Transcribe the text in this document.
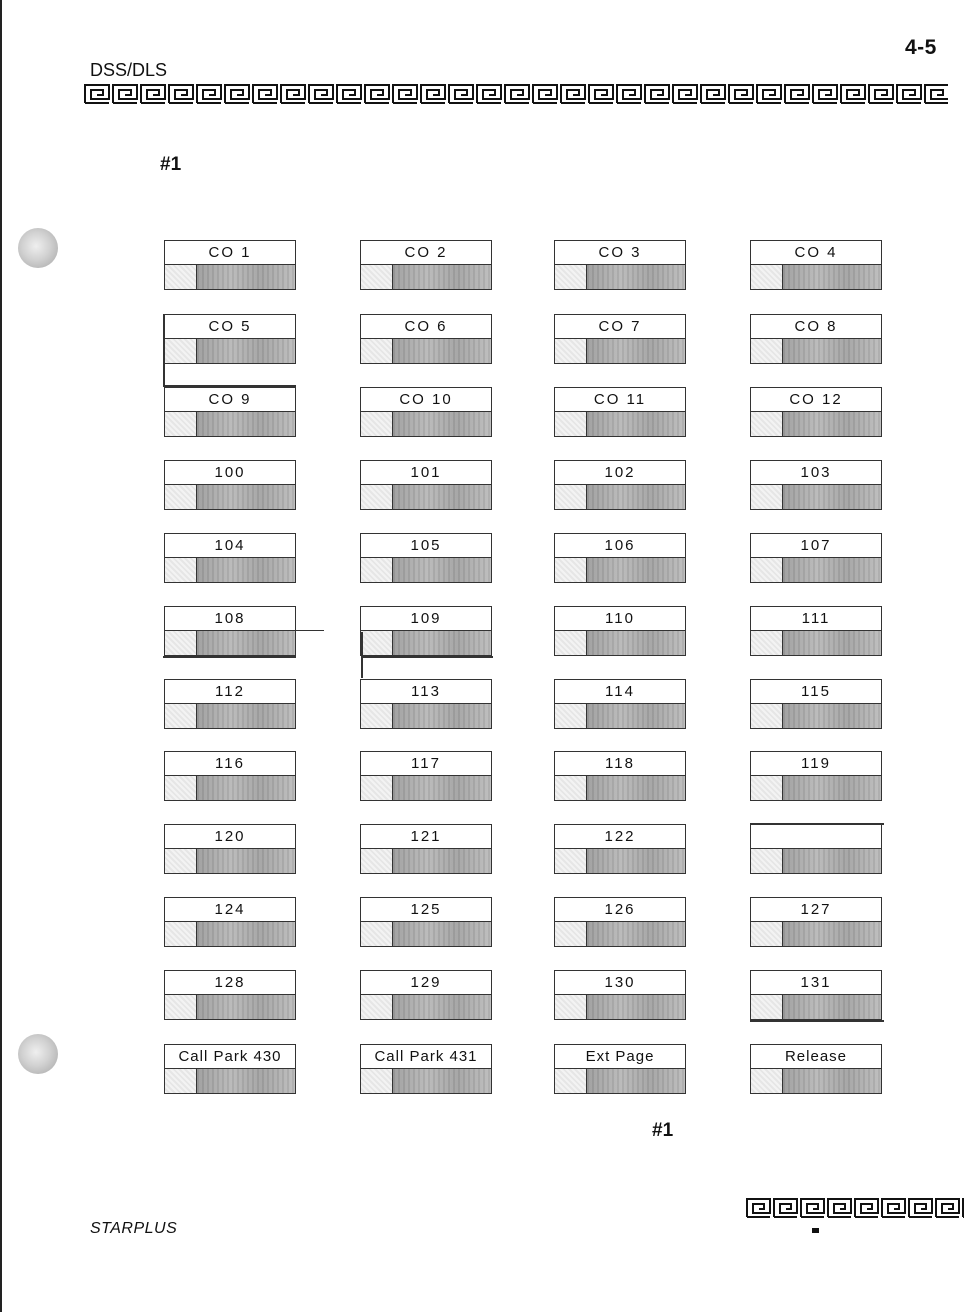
4-5
DSS/DLS
#1
CO 1	CO 2	CO 3	CO 4
CO 5	CO 6	CO 7	CO 8
CO 9	CO 10	CO 11	CO 12
100	101	102	103
104	105	106	107
108	109	110	111
112	113	114	115
116	117	118	119
120	121	122
124	125	126	127
128	129	130	131
Call Park 430	Call Park 431	Ext Page	Release
#1
STARPLUS
